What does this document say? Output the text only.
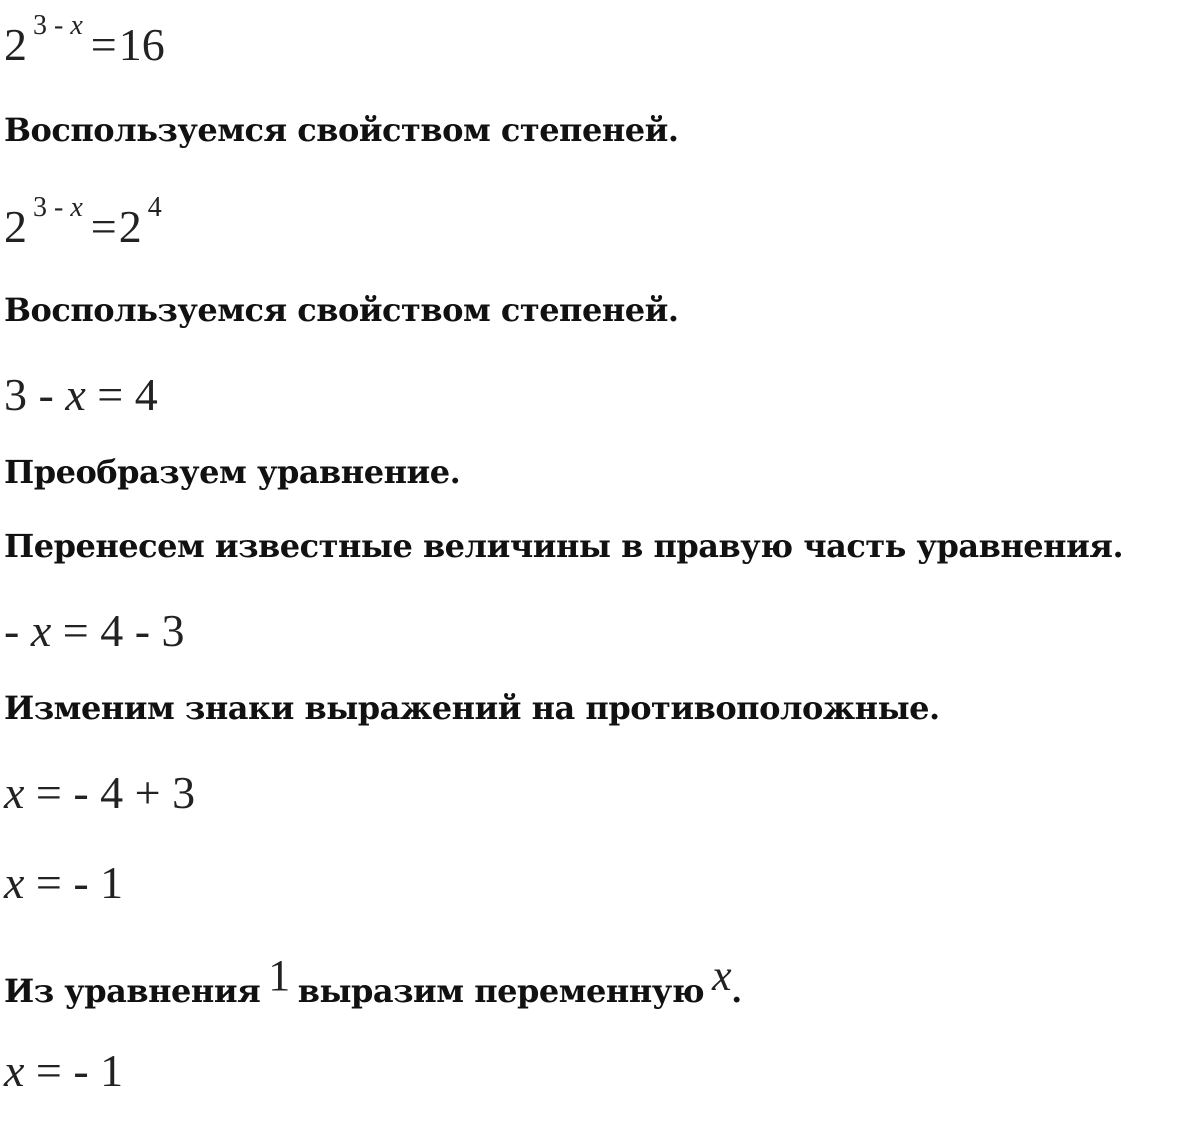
2 $^{3 - x}$ =16
Воспользуемся свойством степеней.
2 $^{3 - x}$ =2 $^4$
Воспользуемся свойством степеней.
3 - x = 4
Преобразуем уравнение.
Перенесем известные величины в правую часть уравнения.
- x = 4 - 3
Изменим знаки выражений на противоположные.
x = - 4 + 3
x = - 1
Из уравнения 1 выразим переменную x.
x = - 1
